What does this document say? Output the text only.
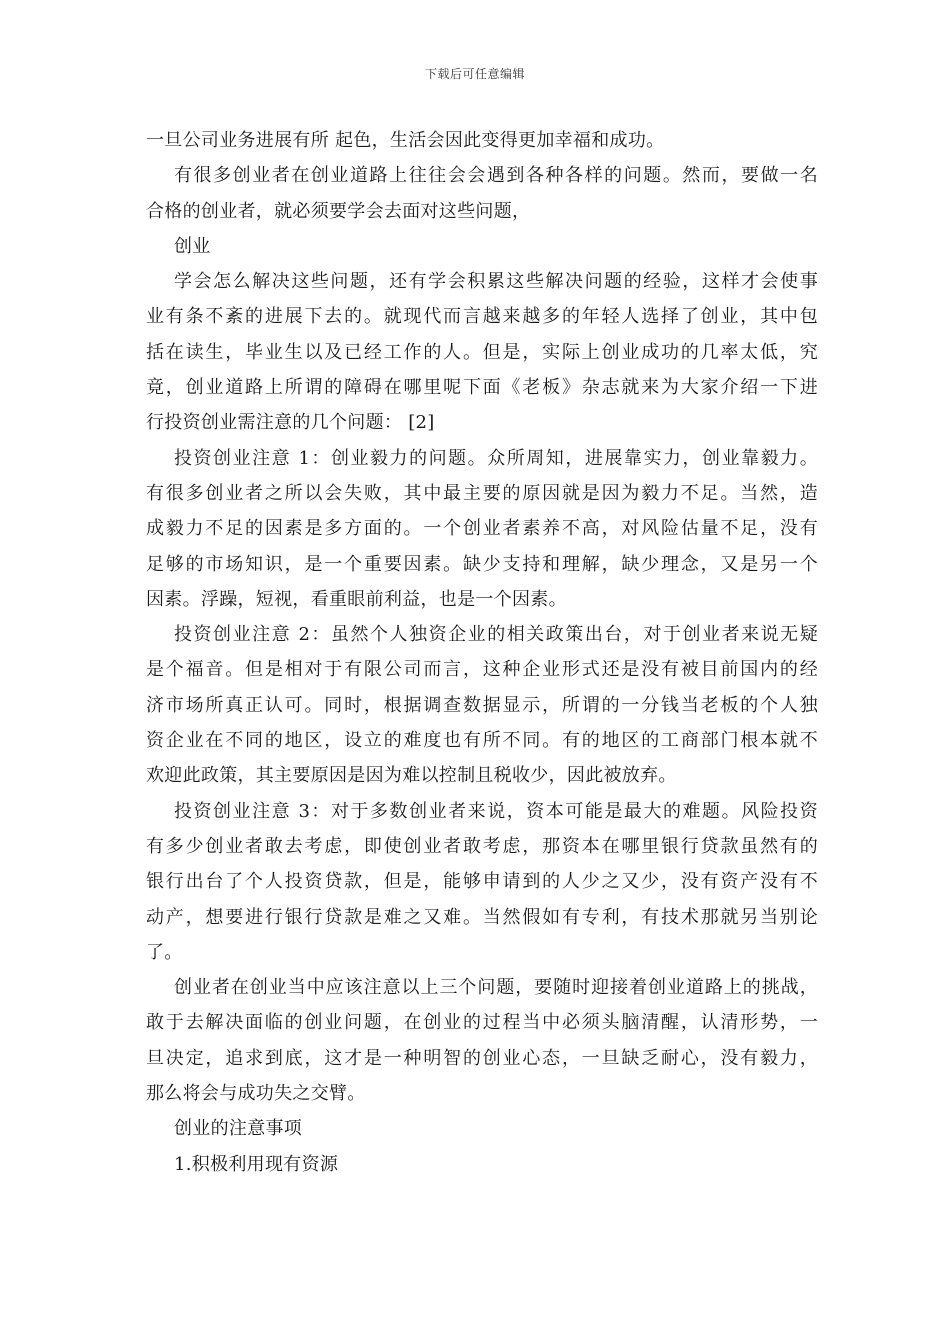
下载后可任意编辑
一旦公司业务进展有所 起色，生活会因此变得更加幸福和成功。
有很多创业者在创业道路上往往会会遇到各种各样的问题。然而，要做一名
合格的创业者，就必须要学会去面对这些问题，
创业
学会怎么解决这些问题，还有学会积累这些解决问题的经验，这样才会使事
业有条不紊的进展下去的。就现代而言越来越多的年轻人选择了创业，其中包
括在读生，毕业生以及已经工作的人。但是，实际上创业成功的几率太低，究
竟，创业道路上所谓的障碍在哪里呢下面《老板》杂志就来为大家介绍一下进
行投资创业需注意的几个问题： [2]
投资创业注意 1：创业毅力的问题。众所周知，进展靠实力，创业靠毅力。
有很多创业者之所以会失败，其中最主要的原因就是因为毅力不足。当然，造
成毅力不足的因素是多方面的。一个创业者素养不高，对风险估量不足，没有
足够的市场知识，是一个重要因素。缺少支持和理解，缺少理念，又是另一个
因素。浮躁，短视，看重眼前利益，也是一个因素。
投资创业注意 2：虽然个人独资企业的相关政策出台，对于创业者来说无疑
是个福音。但是相对于有限公司而言，这种企业形式还是没有被目前国内的经
济市场所真正认可。同时，根据调查数据显示，所谓的一分钱当老板的个人独
资企业在不同的地区，设立的难度也有所不同。有的地区的工商部门根本就不
欢迎此政策，其主要原因是因为难以控制且税收少，因此被放弃。
投资创业注意 3：对于多数创业者来说，资本可能是最大的难题。风险投资
有多少创业者敢去考虑，即使创业者敢考虑，那资本在哪里银行贷款虽然有的
银行出台了个人投资贷款，但是，能够申请到的人少之又少，没有资产没有不
动产，想要进行银行贷款是难之又难。当然假如有专利，有技术那就另当别论
了。
创业者在创业当中应该注意以上三个问题，要随时迎接着创业道路上的挑战，
敢于去解决面临的创业问题，在创业的过程当中必须头脑清醒，认清形势，一
旦决定，追求到底，这才是一种明智的创业心态，一旦缺乏耐心，没有毅力，
那么将会与成功失之交臂。
创业的注意事项
1.积极利用现有资源
